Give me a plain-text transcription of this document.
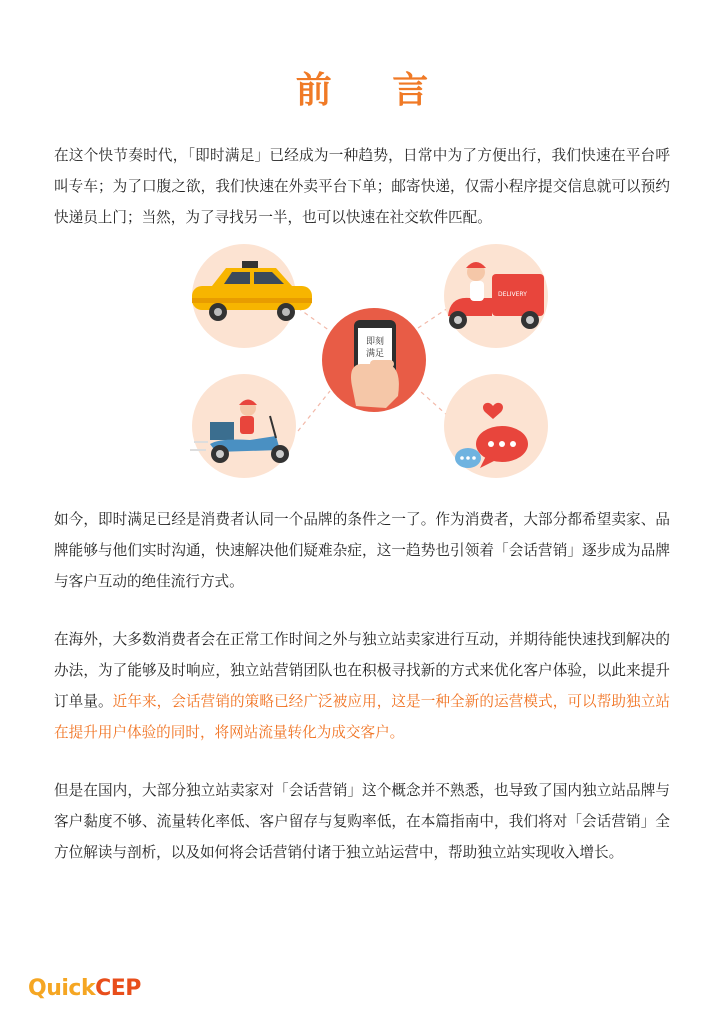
前 言

在这个快节奏时代，「即时满足」已经成为一种趋势，日常中为了方便出行，我们快速在平台呼叫专车；为了口腹之欲，我们快速在外卖平台下单；邮寄快递，仅需小程序提交信息就可以预约快递员上门；当然，为了寻找另一半，也可以快速在社交软件匹配。

DELIVERY
即刻
满足

如今，即时满足已经是消费者认同一个品牌的条件之一了。作为消费者，大部分都希望卖家、品牌能够与他们实时沟通，快速解决他们疑难杂症，这一趋势也引领着「会话营销」逐步成为品牌与客户互动的绝佳流行方式。

在海外，大多数消费者会在正常工作时间之外与独立站卖家进行互动，并期待能快速找到解决的办法，为了能够及时响应，独立站营销团队也在积极寻找新的方式来优化客户体验，以此来提升订单量。近年来，会话营销的策略已经广泛被应用，这是一种全新的运营模式，可以帮助独立站在提升用户体验的同时，将网站流量转化为成交客户。

但是在国内，大部分独立站卖家对「会话营销」这个概念并不熟悉，也导致了国内独立站品牌与客户黏度不够、流量转化率低、客户留存与复购率低，在本篇指南中，我们将对「会话营销」全方位解读与剖析，以及如何将会话营销付诸于独立站运营中，帮助独立站实现收入增长。

QuickCEP
